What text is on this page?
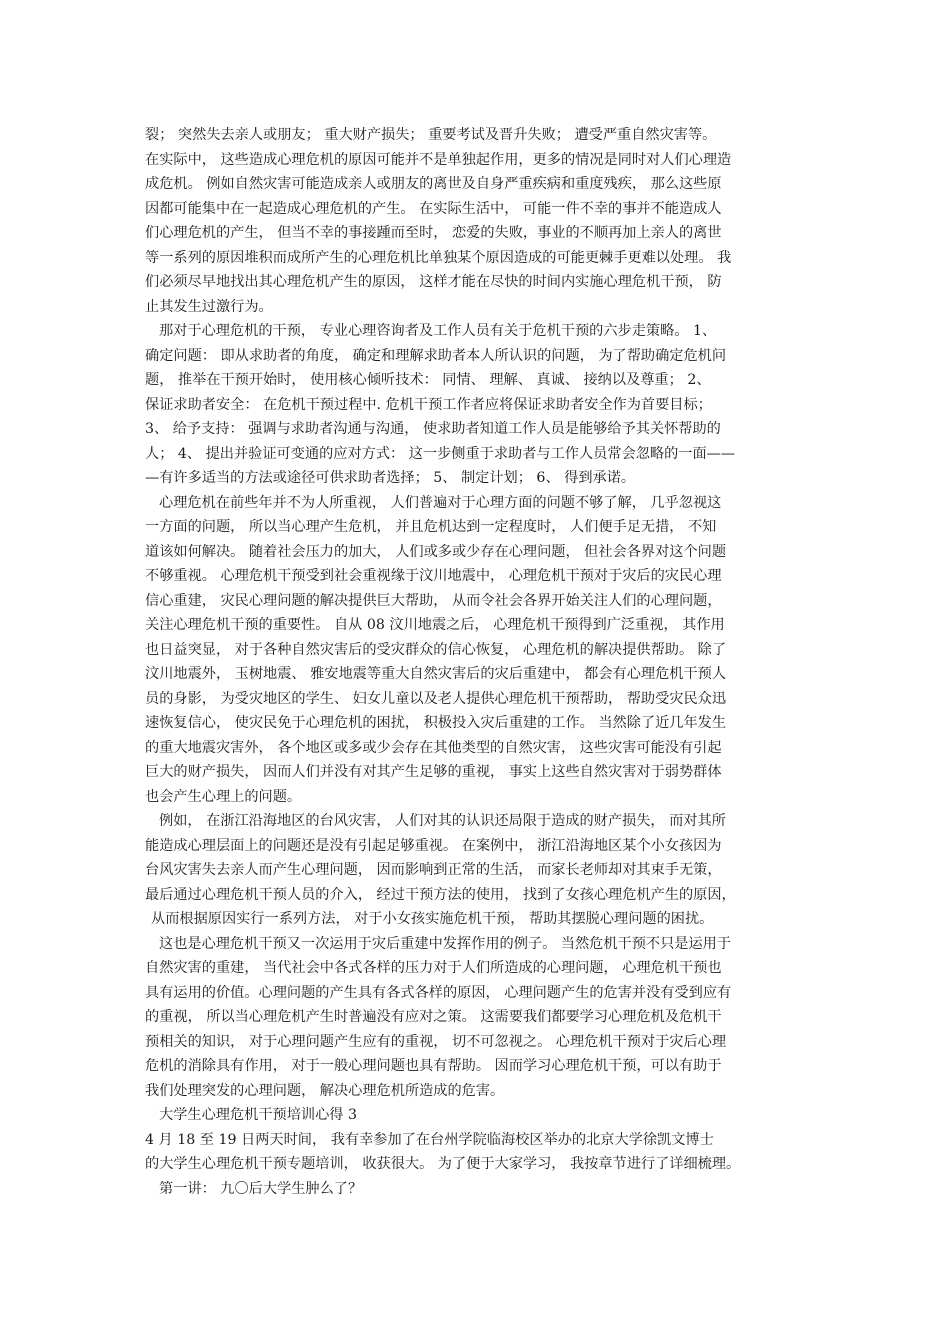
裂； 突然失去亲人或朋友； 重大财产损失； 重要考试及晋升失败； 遭受严重自然灾害等。
在实际中， 这些造成心理危机的原因可能并不是单独起作用，更多的情况是同时对人们心理造
成危机。 例如自然灾害可能造成亲人或朋友的离世及自身严重疾病和重度残疾， 那么这些原
因都可能集中在一起造成心理危机的产生。 在实际生活中， 可能一件不幸的事并不能造成人
们心理危机的产生， 但当不幸的事接踵而至时， 恋爱的失败，事业的不顺再加上亲人的离世
等一系列的原因堆积而成所产生的心理危机比单独某个原因造成的可能更棘手更难以处理。 我
们必须尽早地找出其心理危机产生的原因， 这样才能在尽快的时间内实施心理危机干预， 防
止其发生过激行为。
那对于心理危机的干预， 专业心理咨询者及工作人员有关于危机干预的六步走策略。 1、
确定问题： 即从求助者的角度， 确定和理解求助者本人所认识的问题， 为了帮助确定危机问
题， 推举在干预开始时， 使用核心倾听技术： 同情、 理解、 真诚、 接纳以及尊重； 2、
保证求助者安全： 在危机干预过程中. 危机干预工作者应将保证求助者安全作为首要目标；
3、 给予支持： 强调与求助者沟通与沟通， 使求助者知道工作人员是能够给予其关怀帮助的
人； 4、 提出并验证可变通的应对方式： 这一步侧重于求助者与工作人员常会忽略的一面——
—有许多适当的方法或途径可供求助者选择； 5、 制定计划； 6、 得到承诺。
心理危机在前些年并不为人所重视， 人们普遍对于心理方面的问题不够了解， 几乎忽视这
一方面的问题， 所以当心理产生危机， 并且危机达到一定程度时， 人们便手足无措， 不知
道该如何解决。 随着社会压力的加大， 人们或多或少存在心理问题， 但社会各界对这个问题
不够重视。 心理危机干预受到社会重视缘于汶川地震中， 心理危机干预对于灾后的灾民心理
信心重建， 灾民心理问题的解决提供巨大帮助， 从而令社会各界开始关注人们的心理问题，
关注心理危机干预的重要性。 自从 08 汶川地震之后， 心理危机干预得到广泛重视， 其作用
也日益突显， 对于各种自然灾害后的受灾群众的信心恢复， 心理危机的解决提供帮助。 除了
汶川地震外， 玉树地震、 雅安地震等重大自然灾害后的灾后重建中， 都会有心理危机干预人
员的身影， 为受灾地区的学生、 妇女儿童以及老人提供心理危机干预帮助， 帮助受灾民众迅
速恢复信心， 使灾民免于心理危机的困扰， 积极投入灾后重建的工作。 当然除了近几年发生
的重大地震灾害外， 各个地区或多或少会存在其他类型的自然灾害， 这些灾害可能没有引起
巨大的财产损失， 因而人们并没有对其产生足够的重视， 事实上这些自然灾害对于弱势群体
也会产生心理上的问题。
例如， 在浙江沿海地区的台风灾害， 人们对其的认识还局限于造成的财产损失， 而对其所
能造成心理层面上的问题还是没有引起足够重视。 在案例中， 浙江沿海地区某个小女孩因为
台风灾害失去亲人而产生心理问题， 因而影响到正常的生活， 而家长老师却对其束手无策，
最后通过心理危机干预人员的介入， 经过干预方法的使用， 找到了女孩心理危机产生的原因，
从而根据原因实行一系列方法， 对于小女孩实施危机干预， 帮助其摆脱心理问题的困扰。
这也是心理危机干预又一次运用于灾后重建中发挥作用的例子。 当然危机干预不只是运用于
自然灾害的重建， 当代社会中各式各样的压力对于人们所造成的心理问题， 心理危机干预也
具有运用的价值。心理问题的产生具有各式各样的原因， 心理问题产生的危害并没有受到应有
的重视， 所以当心理危机产生时普遍没有应对之策。 这需要我们都要学习心理危机及危机干
预相关的知识， 对于心理问题产生应有的重视， 切不可忽视之。 心理危机干预对于灾后心理
危机的消除具有作用， 对于一般心理问题也具有帮助。 因而学习心理危机干预，可以有助于
我们处理突发的心理问题， 解决心理危机所造成的危害。
大学生心理危机干预培训心得 3
4 月 18 至 19 日两天时间， 我有幸参加了在台州学院临海校区举办的北京大学徐凯文博士
的大学生心理危机干预专题培训， 收获很大。 为了便于大家学习， 我按章节进行了详细梳理。
第一讲： 九〇后大学生肿么了？
